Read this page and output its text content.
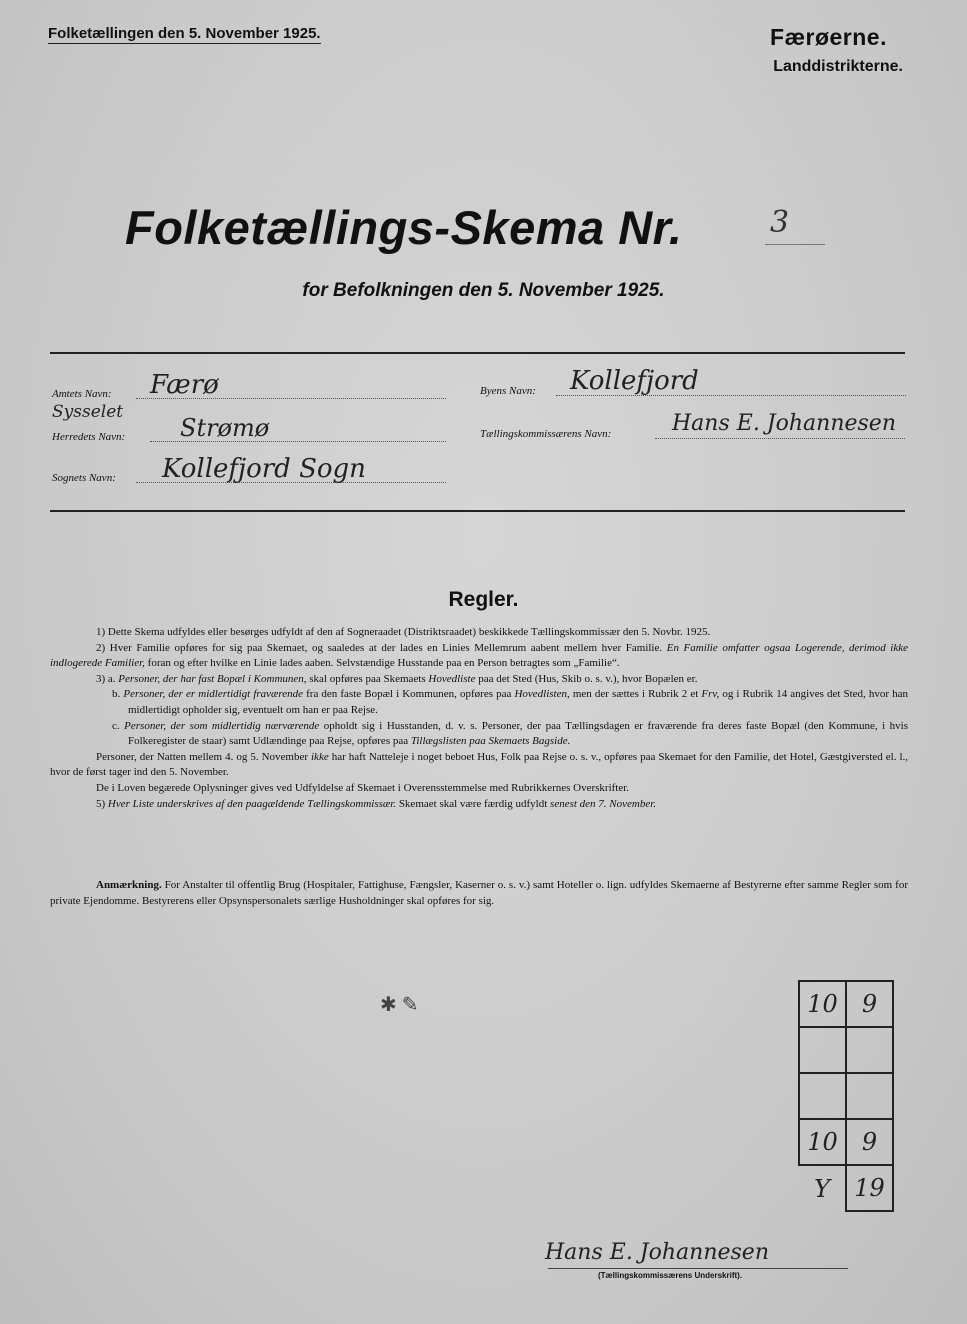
Folketællingen den 5. November 1925.	Færøerne.
Landdistrikterne.
Folketællings-Skema Nr.	3
for Befolkningen den 5. November 1925.
Amtets Navn: Færø	Byens Navn: Kollefjord
Sysselet
Herredets Navn: Strømø	Tællingskommissærens Navn:	Hans E. Johannesen
Sognets Navn: Kollefjord Sogn
Regler.

1) Dette Skema udfyldes eller besørges udfyldt af den af Sogneraadet (Distriktsraadet) beskikkede Tællingskommissær den 5. Novbr. 1925.

2) Hver Familie opføres for sig paa Skemaet, og saaledes at der lades en Linies Mellemrum aabent mellem hver Familie. En Familie omfatter ogsaa Logerende, derimod ikke indlogerede Familier, foran og efter hvilke en Linie lades aaben. Selvstændige Husstande paa en Person betragtes som „Familie“.

3) a. Personer, der har fast Bopæl i Kommunen, skal opføres paa Skemaets Hovedliste paa det Sted (Hus, Skib o. s. v.), hvor Bopælen er.

b. Personer, der er midlertidigt fraværende fra den faste Bopæl i Kommunen, opføres paa Hovedlisten, men der sættes i Rubrik 2 et Frv, og i Rubrik 14 angives det Sted, hvor han midlertidigt opholder sig, eventuelt om han er paa Rejse.

c. Personer, der som midlertidig nærværende opholdt sig i Husstanden, d. v. s. Personer, der paa Tællingsdagen er fraværende fra deres faste Bopæl (den Kommune, i hvis Folkeregister de staar) samt Udlændinge paa Rejse, opføres paa Tillægslisten paa Skemaets Bagside.

Personer, der Natten mellem 4. og 5. November ikke har haft Natteleje i noget beboet Hus, Folk paa Rejse o. s. v., opføres paa Skemaet for den Familie, det Hotel, Gæstgiversted el. l., hvor de først tager ind den 5. November.

De i Loven begærede Oplysninger gives ved Udfyldelse af Skemaet i Overensstemmelse med Rubrikkernes Overskrifter.

5) Hver Liste underskrives af den paagældende Tællingskommissær. Skemaet skal være færdig udfyldt senest den 7. November.

Anmærkning. For Anstalter til offentlig Brug (Hospitaler, Fattighuse, Fængsler, Kaserner o. s. v.) samt Hoteller o. lign. udfyldes Skemaerne af Bestyrerne efter samme Regler som for private Ejendomme. Bestyrerens eller Opsynspersonalets særlige Husholdninger skal opføres for sig.

✱ ✎	10	9

10	9
Y	19
Hans E. Johannesen
(Tællingskommissærens Underskrift).
